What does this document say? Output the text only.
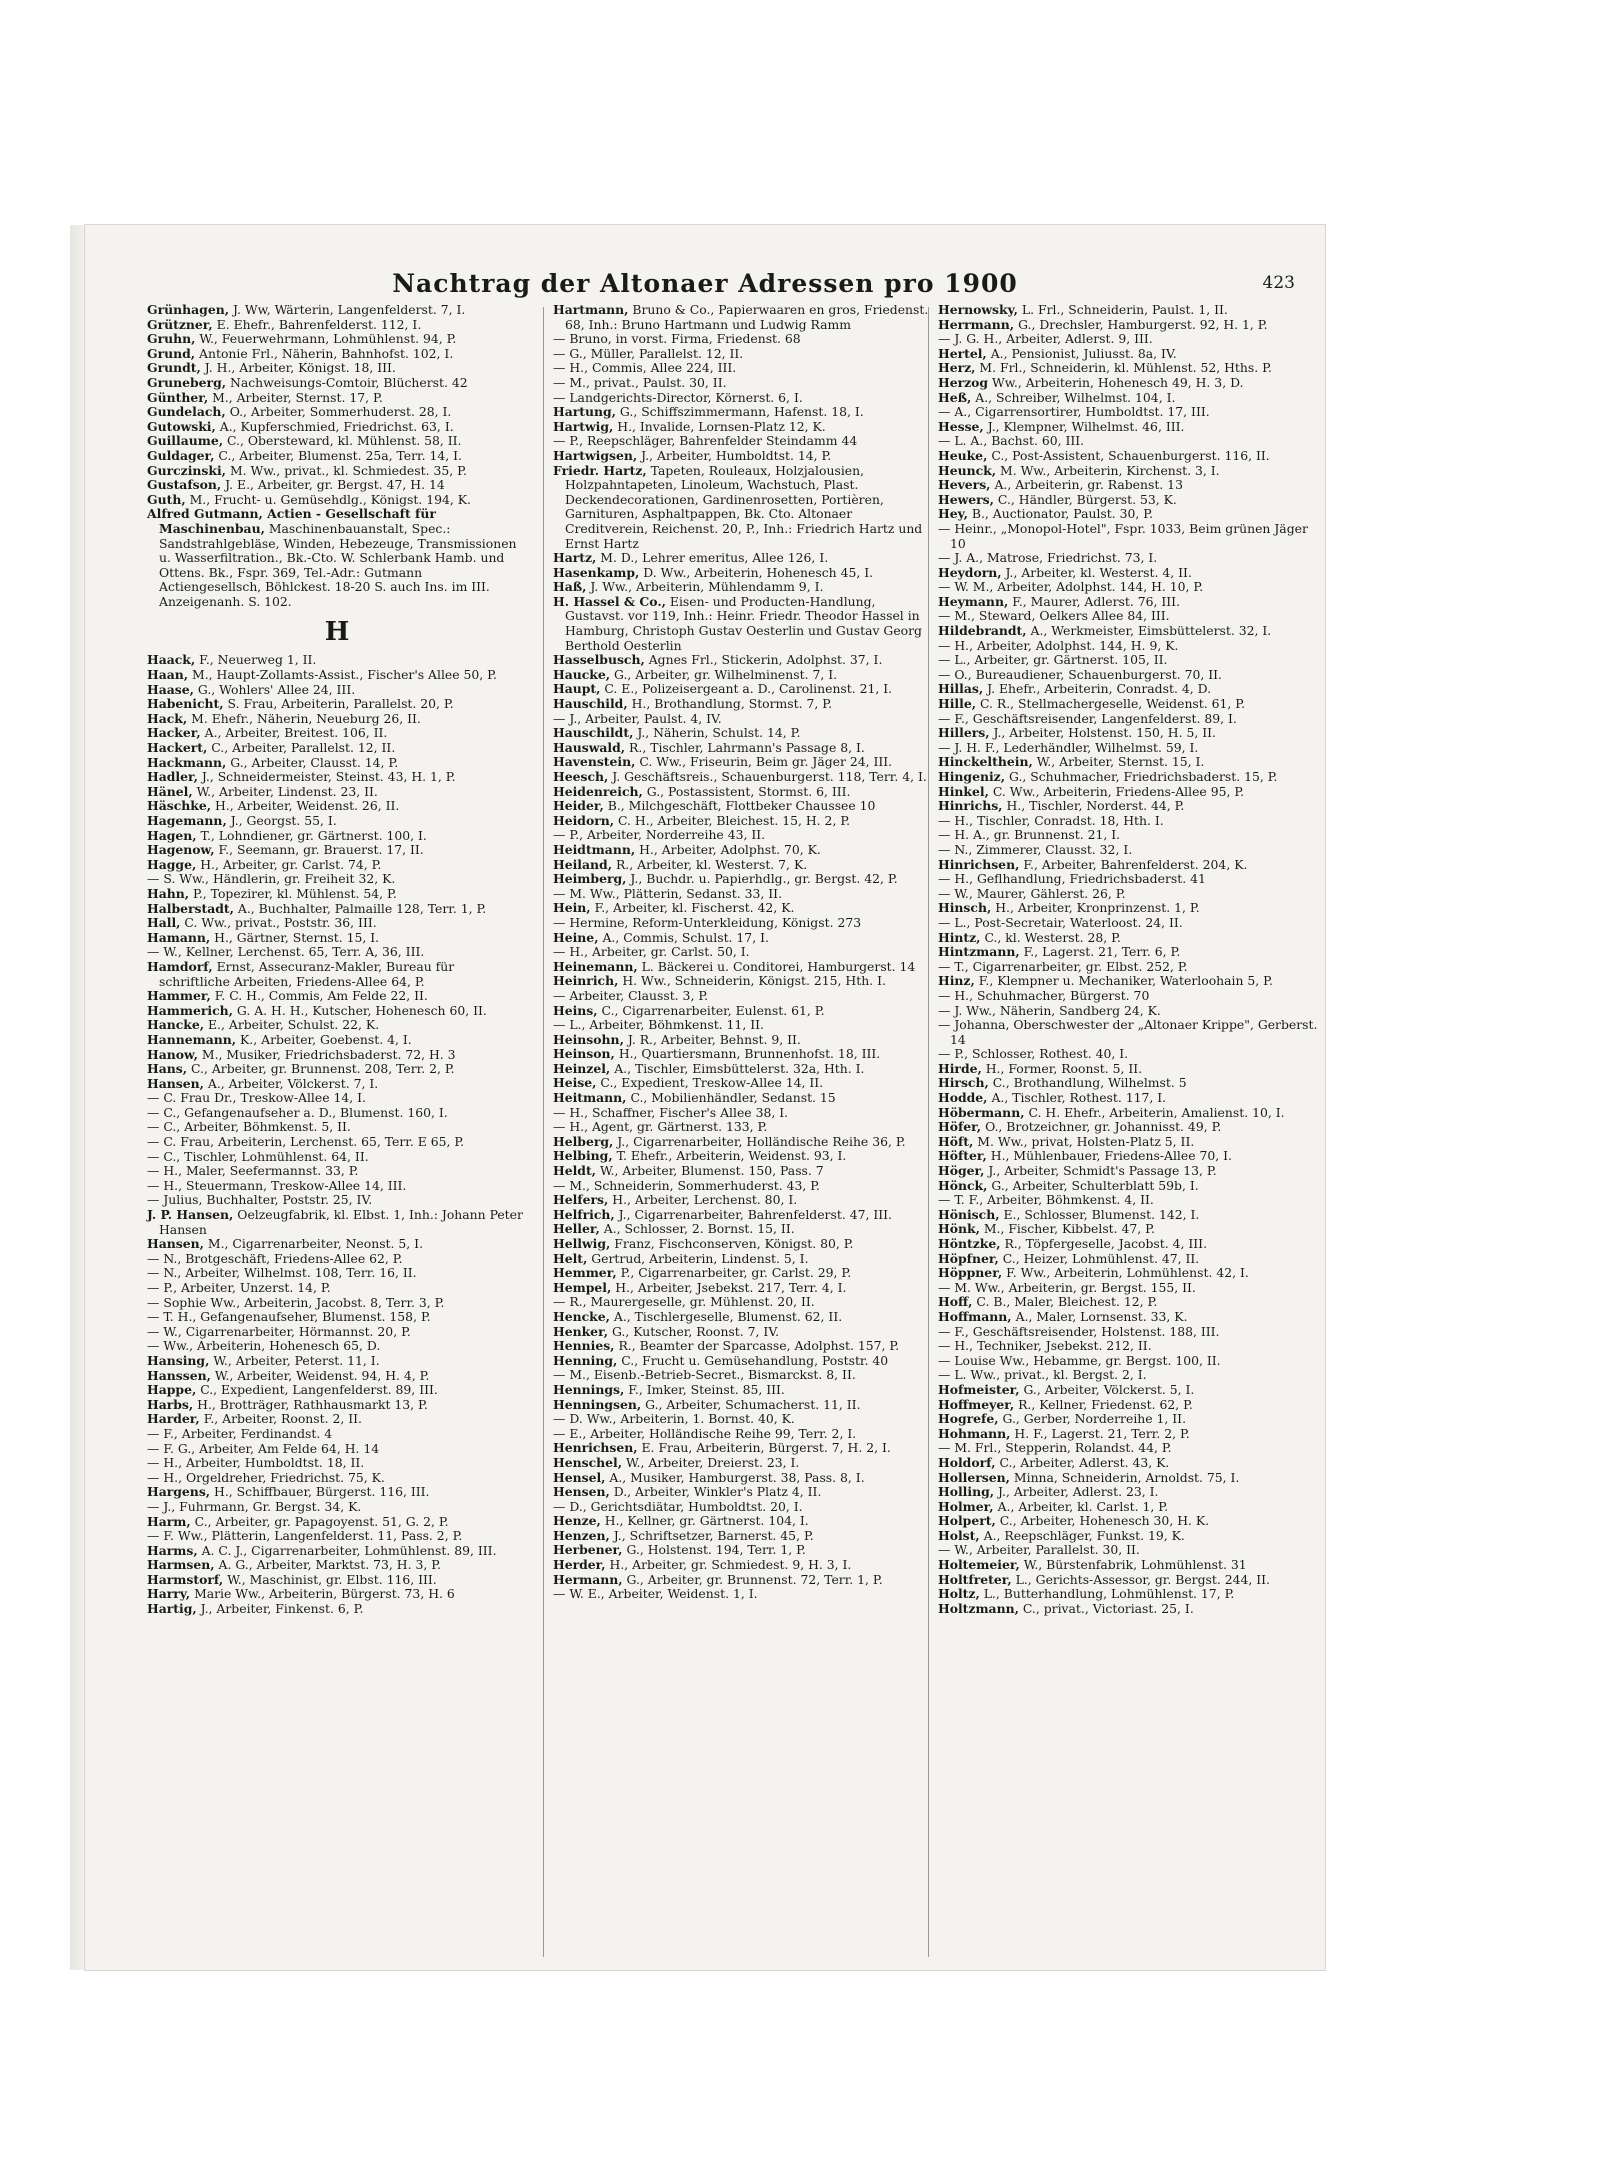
Nachtrag der Altonaer Adressen pro 1900	423

Grünhagen, J. Ww, Wärterin, Langenfelderst. 7, I.

Grützner, E. Ehefr., Bahrenfelderst. 112, I.

Gruhn, W., Feuerwehrmann, Lohmühlenst. 94, P.

Grund, Antonie Frl., Näherin, Bahnhofst. 102, I.

Grundt, J. H., Arbeiter, Königst. 18, III.

Gruneberg, Nachweisungs-Comtoir, Blücherst. 42

Günther, M., Arbeiter, Sternst. 17, P.

Gundelach, O., Arbeiter, Sommerhuderst. 28, I.

Gutowski, A., Kupferschmied, Friedrichst. 63, I.

Guillaume, C., Obersteward, kl. Mühlenst. 58, II.

Guldager, C., Arbeiter, Blumenst. 25a, Terr. 14, I.

Gurczinski, M. Ww., privat., kl. Schmiedest. 35, P.

Gustafson, J. E., Arbeiter, gr. Bergst. 47, H. 14

Guth, M., Frucht- u. Gemüsehdlg., Königst. 194, K.

Alfred Gutmann, Actien - Gesellschaft für Maschinenbau, Maschinenbauanstalt, Spec.: Sandstrahlgebläse, Winden, Hebezeuge, Transmissionen u. Wasserfiltration., Bk.-Cto. W. Schlerbank Hamb. und Ottens. Bk., Fspr. 369, Tel.-Adr.: Gutmann Actiengesellsch, Böhlckest. 18-20 S. auch Ins. im III. Anzeigenanh. S. 102.

H

Haack, F., Neuerweg 1, II.

Haan, M., Haupt-Zollamts-Assist., Fischer's Allee 50, P.

Haase, G., Wohlers' Allee 24, III.

Habenicht, S. Frau, Arbeiterin, Parallelst. 20, P.

Hack, M. Ehefr., Näherin, Neueburg 26, II.

Hacker, A., Arbeiter, Breitest. 106, II.

Hackert, C., Arbeiter, Parallelst. 12, II.

Hackmann, G., Arbeiter, Clausst. 14, P.

Hadler, J., Schneidermeister, Steinst. 43, H. 1, P.

Hänel, W., Arbeiter, Lindenst. 23, II.

Häschke, H., Arbeiter, Weidenst. 26, II.

Hagemann, J., Georgst. 55, I.

Hagen, T., Lohndiener, gr. Gärtnerst. 100, I.

Hagenow, F., Seemann, gr. Brauerst. 17, II.

Hagge, H., Arbeiter, gr. Carlst. 74, P.

— S. Ww., Händlerin, gr. Freiheit 32, K.

Hahn, P., Topezirer, kl. Mühlenst. 54, P.

Halberstadt, A., Buchhalter, Palmaille 128, Terr. 1, P.

Hall, C. Ww., privat., Poststr. 36, III.

Hamann, H., Gärtner, Sternst. 15, I.

— W., Kellner, Lerchenst. 65, Terr. A, 36, III.

Hamdorf, Ernst, Assecuranz-Makler, Bureau für schriftliche Arbeiten, Friedens-Allee 64, P.

Hammer, F. C. H., Commis, Am Felde 22, II.

Hammerich, G. A. H. H., Kutscher, Hohenesch 60, II.

Hancke, E., Arbeiter, Schulst. 22, K.

Hannemann, K., Arbeiter, Goebenst. 4, I.

Hanow, M., Musiker, Friedrichsbaderst. 72, H. 3

Hans, C., Arbeiter, gr. Brunnenst. 208, Terr. 2, P.

Hansen, A., Arbeiter, Völckerst. 7, I.

— C. Frau Dr., Treskow-Allee 14, I.

— C., Gefangenaufseher a. D., Blumenst. 160, I.

— C., Arbeiter, Böhmkenst. 5, II.

— C. Frau, Arbeiterin, Lerchenst. 65, Terr. E 65, P.

— C., Tischler, Lohmühlenst. 64, II.

— H., Maler, Seefermannst. 33, P.

— H., Steuermann, Treskow-Allee 14, III.

— Julius, Buchhalter, Poststr. 25, IV.

J. P. Hansen, Oelzeugfabrik, kl. Elbst. 1, Inh.: Johann Peter Hansen

Hansen, M., Cigarrenarbeiter, Neonst. 5, I.

— N., Brotgeschäft, Friedens-Allee 62, P.

— N., Arbeiter, Wilhelmst. 108, Terr. 16, II.

— P., Arbeiter, Unzerst. 14, P.

— Sophie Ww., Arbeiterin, Jacobst. 8, Terr. 3, P.

— T. H., Gefangenaufseher, Blumenst. 158, P.

— W., Cigarrenarbeiter, Hörmannst. 20, P.

— Ww., Arbeiterin, Hohenesch 65, D.

Hansing, W., Arbeiter, Peterst. 11, I.

Hanssen, W., Arbeiter, Weidenst. 94, H. 4, P.

Happe, C., Expedient, Langenfelderst. 89, III.

Harbs, H., Brotträger, Rathhausmarkt 13, P.

Harder, F., Arbeiter, Roonst. 2, II.

— F., Arbeiter, Ferdinandst. 4

— F. G., Arbeiter, Am Felde 64, H. 14

— H., Arbeiter, Humboldtst. 18, II.

— H., Orgeldreher, Friedrichst. 75, K.

Hargens, H., Schiffbauer, Bürgerst. 116, III.

— J., Fuhrmann, Gr. Bergst. 34, K.

Harm, C., Arbeiter, gr. Papagoyenst. 51, G. 2, P.

— F. Ww., Plätterin, Langenfelderst. 11, Pass. 2, P.

Harms, A. C. J., Cigarrenarbeiter, Lohmühlenst. 89, III.

Harmsen, A. G., Arbeiter, Marktst. 73, H. 3, P.

Harmstorf, W., Maschinist, gr. Elbst. 116, III.

Harry, Marie Ww., Arbeiterin, Bürgerst. 73, H. 6

Hartig, J., Arbeiter, Finkenst. 6, P.

Hartmann, Bruno & Co., Papierwaaren en gros, Friedenst. 68, Inh.: Bruno Hartmann und Ludwig Ramm

— Bruno, in vorst. Firma, Friedenst. 68

— G., Müller, Parallelst. 12, II.

— H., Commis, Allee 224, III.

— M., privat., Paulst. 30, II.

— Landgerichts-Director, Körnerst. 6, I.

Hartung, G., Schiffszimmermann, Hafenst. 18, I.

Hartwig, H., Invalide, Lornsen-Platz 12, K.

— P., Reepschläger, Bahrenfelder Steindamm 44

Hartwigsen, J., Arbeiter, Humboldtst. 14, P.

Friedr. Hartz, Tapeten, Rouleaux, Holzjalousien, Holzpahntapeten, Linoleum, Wachstuch, Plast. Deckendecorationen, Gardinenrosetten, Portièren, Garnituren, Asphaltpappen, Bk. Cto. Altonaer Creditverein, Reichenst. 20, P., Inh.: Friedrich Hartz und Ernst Hartz

Hartz, M. D., Lehrer emeritus, Allee 126, I.

Hasenkamp, D. Ww., Arbeiterin, Hohenesch 45, I.

Haß, J. Ww., Arbeiterin, Mühlendamm 9, I.

H. Hassel & Co., Eisen- und Producten-Handlung, Gustavst. vor 119, Inh.: Heinr. Friedr. Theodor Hassel in Hamburg, Christoph Gustav Oesterlin und Gustav Georg Berthold Oesterlin

Hasselbusch, Agnes Frl., Stickerin, Adolphst. 37, I.

Haucke, G., Arbeiter, gr. Wilhelminenst. 7, I.

Haupt, C. E., Polizeisergeant a. D., Carolinenst. 21, I.

Hauschild, H., Brothandlung, Stormst. 7, P.

— J., Arbeiter, Paulst. 4, IV.

Hauschildt, J., Näherin, Schulst. 14, P.

Hauswald, R., Tischler, Lahrmann's Passage 8, I.

Havenstein, C. Ww., Friseurin, Beim gr. Jäger 24, III.

Heesch, J. Geschäftsreis., Schauenburgerst. 118, Terr. 4, I.

Heidenreich, G., Postassistent, Stormst. 6, III.

Heider, B., Milchgeschäft, Flottbeker Chaussee 10

Heidorn, C. H., Arbeiter, Bleichest. 15, H. 2, P.

— P., Arbeiter, Norderreihe 43, II.

Heidtmann, H., Arbeiter, Adolphst. 70, K.

Heiland, R., Arbeiter, kl. Westerst. 7, K.

Heimberg, J., Buchdr. u. Papierhdlg., gr. Bergst. 42, P.

— M. Ww., Plätterin, Sedanst. 33, II.

Hein, F., Arbeiter, kl. Fischerst. 42, K.

— Hermine, Reform-Unterkleidung, Königst. 273

Heine, A., Commis, Schulst. 17, I.

— H., Arbeiter, gr. Carlst. 50, I.

Heinemann, L. Bäckerei u. Conditorei, Hamburgerst. 14

Heinrich, H. Ww., Schneiderin, Königst. 215, Hth. I.

— Arbeiter, Clausst. 3, P.

Heins, C., Cigarrenarbeiter, Eulenst. 61, P.

— L., Arbeiter, Böhmkenst. 11, II.

Heinsohn, J. R., Arbeiter, Behnst. 9, II.

Heinson, H., Quartiersmann, Brunnenhofst. 18, III.

Heinzel, A., Tischler, Eimsbüttelerst. 32a, Hth. I.

Heise, C., Expedient, Treskow-Allee 14, II.

Heitmann, C., Mobilienhändler, Sedanst. 15

— H., Schaffner, Fischer's Allee 38, I.

— H., Agent, gr. Gärtnerst. 133, P.

Helberg, J., Cigarrenarbeiter, Holländische Reihe 36, P.

Helbing, T. Ehefr., Arbeiterin, Weidenst. 93, I.

Heldt, W., Arbeiter, Blumenst. 150, Pass. 7

— M., Schneiderin, Sommerhuderst. 43, P.

Helfers, H., Arbeiter, Lerchenst. 80, I.

Helfrich, J., Cigarrenarbeiter, Bahrenfelderst. 47, III.

Heller, A., Schlosser, 2. Bornst. 15, II.

Hellwig, Franz, Fischconserven, Königst. 80, P.

Helt, Gertrud, Arbeiterin, Lindenst. 5, I.

Hemmer, P., Cigarrenarbeiter, gr. Carlst. 29, P.

Hempel, H., Arbeiter, Jsebekst. 217, Terr. 4, I.

— R., Maurergeselle, gr. Mühlenst. 20, II.

Hencke, A., Tischlergeselle, Blumenst. 62, II.

Henker, G., Kutscher, Roonst. 7, IV.

Hennies, R., Beamter der Sparcasse, Adolphst. 157, P.

Henning, C., Frucht u. Gemüsehandlung, Poststr. 40

— M., Eisenb.-Betrieb-Secret., Bismarckst. 8, II.

Hennings, F., Imker, Steinst. 85, III.

Henningsen, G., Arbeiter, Schumacherst. 11, II.

— D. Ww., Arbeiterin, 1. Bornst. 40, K.

— E., Arbeiter, Holländische Reihe 99, Terr. 2, I.

Henrichsen, E. Frau, Arbeiterin, Bürgerst. 7, H. 2, I.

Henschel, W., Arbeiter, Dreierst. 23, I.

Hensel, A., Musiker, Hamburgerst. 38, Pass. 8, I.

Hensen, D., Arbeiter, Winkler's Platz 4, II.

— D., Gerichtsdiätar, Humboldtst. 20, I.

Henze, H., Kellner, gr. Gärtnerst. 104, I.

Henzen, J., Schriftsetzer, Barnerst. 45, P.

Herbener, G., Holstenst. 194, Terr. 1, P.

Herder, H., Arbeiter, gr. Schmiedest. 9, H. 3, I.

Hermann, G., Arbeiter, gr. Brunnenst. 72, Terr. 1, P.

— W. E., Arbeiter, Weidenst. 1, I.

Hernowsky, L. Frl., Schneiderin, Paulst. 1, II.

Herrmann, G., Drechsler, Hamburgerst. 92, H. 1, P.

— J. G. H., Arbeiter, Adlerst. 9, III.

Hertel, A., Pensionist, Juliusst. 8a, IV.

Herz, M. Frl., Schneiderin, kl. Mühlenst. 52, Hths. P.

Herzog Ww., Arbeiterin, Hohenesch 49, H. 3, D.

Heß, A., Schreiber, Wilhelmst. 104, I.

— A., Cigarrensortirer, Humboldtst. 17, III.

Hesse, J., Klempner, Wilhelmst. 46, III.

— L. A., Bachst. 60, III.

Heuke, C., Post-Assistent, Schauenburgerst. 116, II.

Heunck, M. Ww., Arbeiterin, Kirchenst. 3, I.

Hevers, A., Arbeiterin, gr. Rabenst. 13

Hewers, C., Händler, Bürgerst. 53, K.

Hey, B., Auctionator, Paulst. 30, P.

— Heinr., „Monopol-Hotel", Fspr. 1033, Beim grünen Jäger 10

— J. A., Matrose, Friedrichst. 73, I.

Heydorn, J., Arbeiter, kl. Westerst. 4, II.

— W. M., Arbeiter, Adolphst. 144, H. 10, P.

Heymann, F., Maurer, Adlerst. 76, III.

— M., Steward, Oelkers Allee 84, III.

Hildebrandt, A., Werkmeister, Eimsbüttelerst. 32, I.

— H., Arbeiter, Adolphst. 144, H. 9, K.

— L., Arbeiter, gr. Gärtnerst. 105, II.

— O., Bureaudiener, Schauenburgerst. 70, II.

Hillas, J. Ehefr., Arbeiterin, Conradst. 4, D.

Hille, C. R., Stellmachergeselle, Weidenst. 61, P.

— F., Geschäftsreisender, Langenfelderst. 89, I.

Hillers, J., Arbeiter, Holstenst. 150, H. 5, II.

— J. H. F., Lederhändler, Wilhelmst. 59, I.

Hinckelthein, W., Arbeiter, Sternst. 15, I.

Hingeniz, G., Schuhmacher, Friedrichsbaderst. 15, P.

Hinkel, C. Ww., Arbeiterin, Friedens-Allee 95, P.

Hinrichs, H., Tischler, Norderst. 44, P.

— H., Tischler, Conradst. 18, Hth. I.

— H. A., gr. Brunnenst. 21, I.

— N., Zimmerer, Clausst. 32, I.

Hinrichsen, F., Arbeiter, Bahrenfelderst. 204, K.

— H., Geflhandlung, Friedrichsbaderst. 41

— W., Maurer, Gählerst. 26, P.

Hinsch, H., Arbeiter, Kronprinzenst. 1, P.

— L., Post-Secretair, Waterloost. 24, II.

Hintz, C., kl. Westerst. 28, P.

Hintzmann, F., Lagerst. 21, Terr. 6, P.

— T., Cigarrenarbeiter, gr. Elbst. 252, P.

Hinz, F., Klempner u. Mechaniker, Waterloohain 5, P.

— H., Schuhmacher, Bürgerst. 70

— J. Ww., Näherin, Sandberg 24, K.

— Johanna, Oberschwester der „Altonaer Krippe", Gerberst. 14

— P., Schlosser, Rothest. 40, I.

Hirde, H., Former, Roonst. 5, II.

Hirsch, C., Brothandlung, Wilhelmst. 5

Hodde, A., Tischler, Rothest. 117, I.

Höbermann, C. H. Ehefr., Arbeiterin, Amalienst. 10, I.

Höfer, O., Brotzeichner, gr. Johannisst. 49, P.

Höft, M. Ww., privat, Holsten-Platz 5, II.

Höfter, H., Mühlenbauer, Friedens-Allee 70, I.

Höger, J., Arbeiter, Schmidt's Passage 13, P.

Hönck, G., Arbeiter, Schulterblatt 59b, I.

— T. F., Arbeiter, Böhmkenst. 4, II.

Hönisch, E., Schlosser, Blumenst. 142, I.

Hönk, M., Fischer, Kibbelst. 47, P.

Höntzke, R., Töpfergeselle, Jacobst. 4, III.

Höpfner, C., Heizer, Lohmühlenst. 47, II.

Höppner, F. Ww., Arbeiterin, Lohmühlenst. 42, I.

— M. Ww., Arbeiterin, gr. Bergst. 155, II.

Hoff, C. B., Maler, Bleichest. 12, P.

Hoffmann, A., Maler, Lornsenst. 33, K.

— F., Geschäftsreisender, Holstenst. 188, III.

— H., Techniker, Jsebekst. 212, II.

— Louise Ww., Hebamme, gr. Bergst. 100, II.

— L. Ww., privat., kl. Bergst. 2, I.

Hofmeister, G., Arbeiter, Völckerst. 5, I.

Hoffmeyer, R., Kellner, Friedenst. 62, P.

Hogrefe, G., Gerber, Norderreihe 1, II.

Hohmann, H. F., Lagerst. 21, Terr. 2, P.

— M. Frl., Stepperin, Rolandst. 44, P.

Holdorf, C., Arbeiter, Adlerst. 43, K.

Hollersen, Minna, Schneiderin, Arnoldst. 75, I.

Holling, J., Arbeiter, Adlerst. 23, I.

Holmer, A., Arbeiter, kl. Carlst. 1, P.

Holpert, C., Arbeiter, Hohenesch 30, H. K.

Holst, A., Reepschläger, Funkst. 19, K.

— W., Arbeiter, Parallelst. 30, II.

Holtemeier, W., Bürstenfabrik, Lohmühlenst. 31

Holtfreter, L., Gerichts-Assessor, gr. Bergst. 244, II.

Holtz, L., Butterhandlung, Lohmühlenst. 17, P.

Holtzmann, C., privat., Victoriast. 25, I.
